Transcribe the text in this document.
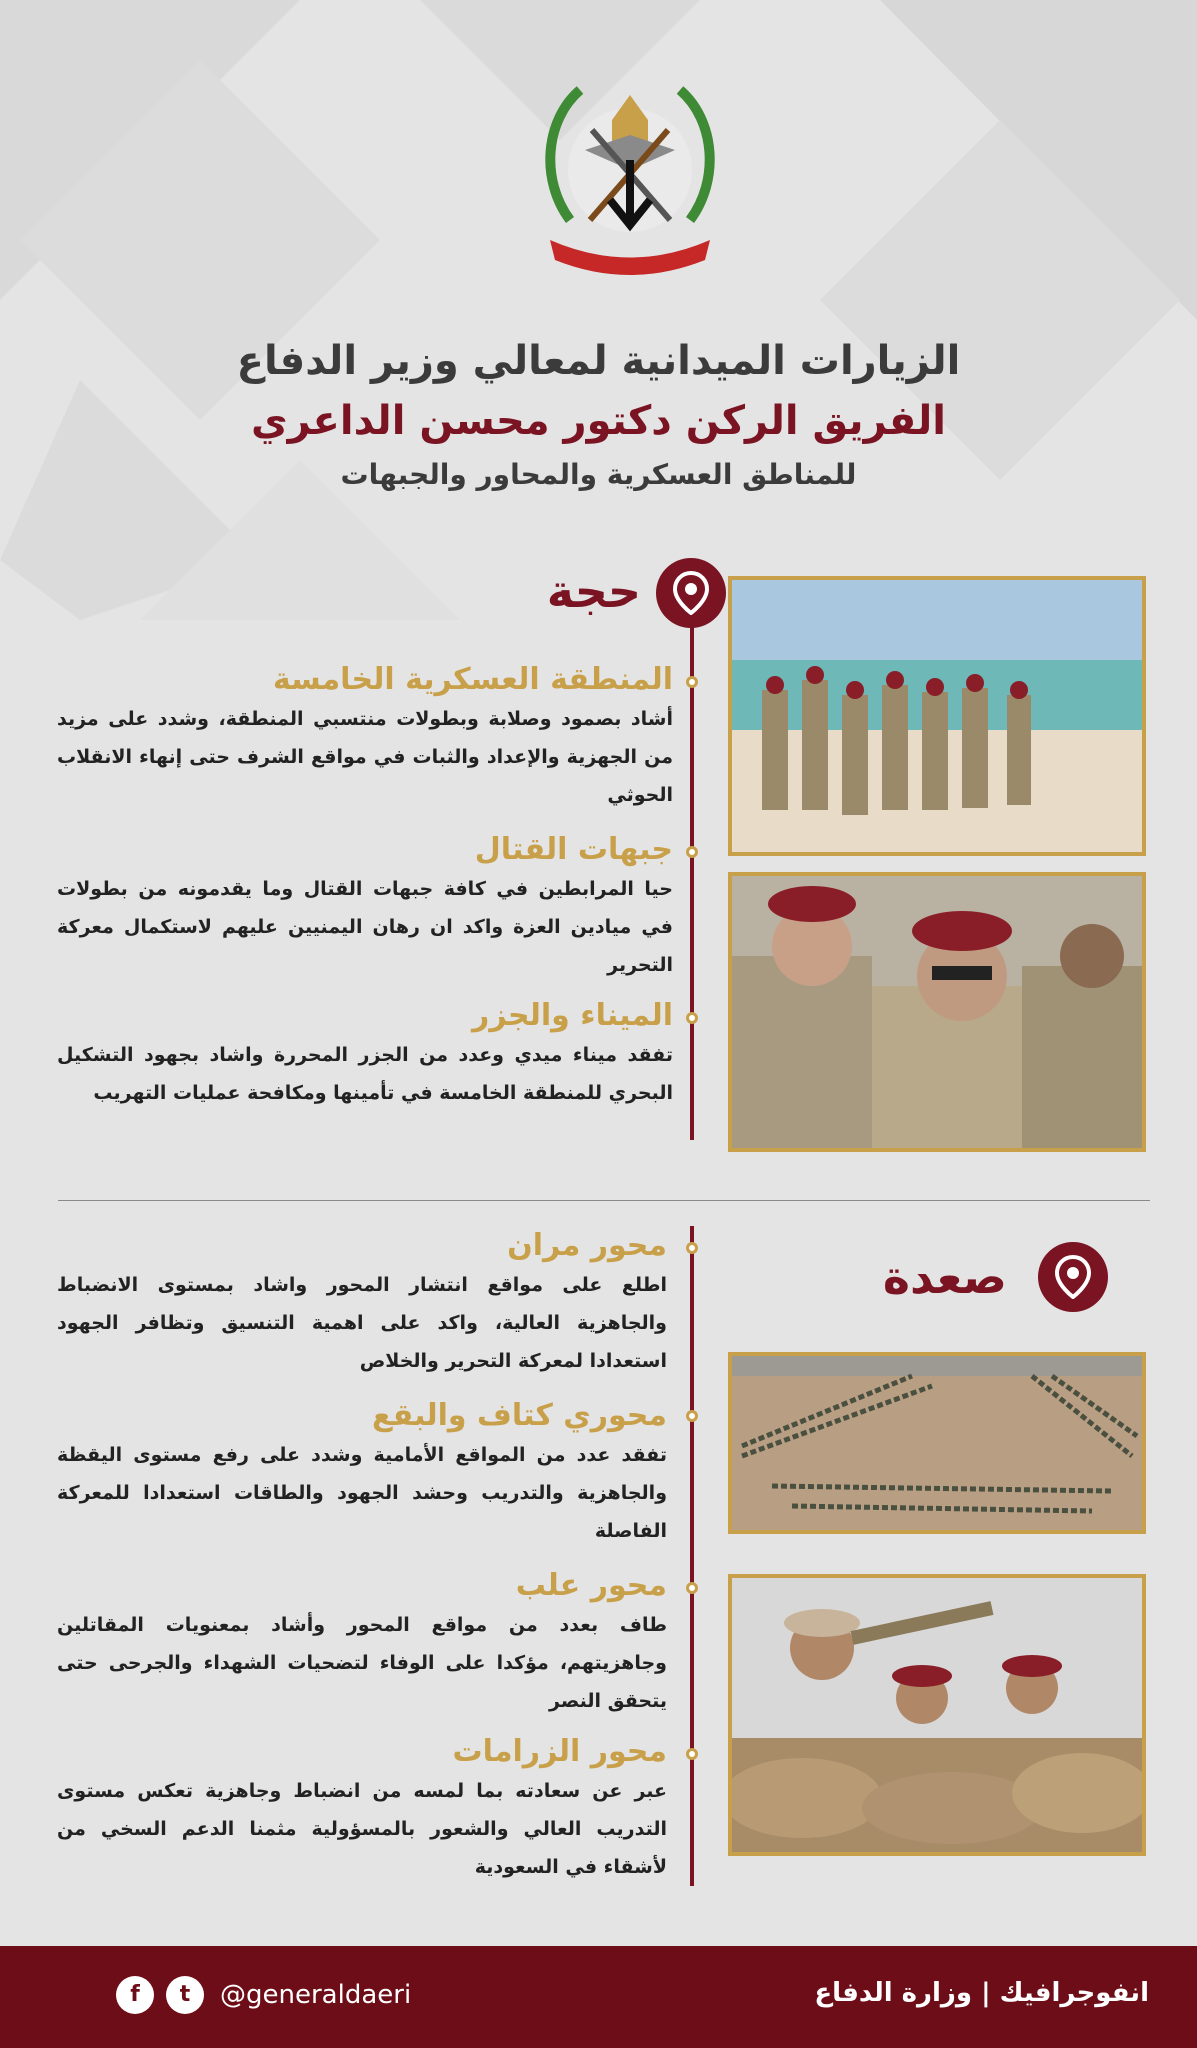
الزيارات الميدانية لمعالي وزير الدفاع
الفريق الركن دكتور محسن الداعري
للمناطق العسكرية والمحاور والجبهات
حجة
المنطقة العسكرية الخامسة
أشاد بصمود وصلابة وبطولات منتسبي المنطقة، وشدد على مزيد من الجهزية والإعداد والثبات في مواقع الشرف حتى إنهاء الانقلاب الحوثي
جبهات القتال
حيا المرابطين في كافة جبهات القتال وما يقدمونه من بطولات في ميادين العزة واكد ان رهان اليمنيين عليهم لاستكمال معركة التحرير
الميناء والجزر
تفقد ميناء ميدي وعدد من الجزر المحررة واشاد بجهود التشكيل البحري للمنطقة الخامسة في تأمينها ومكافحة عمليات التهريب
صعدة
محور مران
اطلع على مواقع انتشار المحور واشاد بمستوى الانضباط والجاهزية العالية، واكد على اهمية التنسيق وتظافر الجهود استعدادا لمعركة التحرير والخلاص
محوري كتاف والبقع
تفقد عدد من المواقع الأمامية وشدد على رفع مستوى اليقظة والجاهزية والتدريب وحشد الجهود والطاقات استعدادا للمعركة الفاصلة
محور علب
طاف بعدد من مواقع المحور وأشاد بمعنويات المقاتلين وجاهزيتهم، مؤكدا على الوفاء لتضحيات الشهداء والجرحى حتى يتحقق النصر
محور الزرامات
عبر عن سعادته بما لمسه من انضباط وجاهزية تعكس مستوى التدريب العالي والشعور بالمسؤولية مثمنا الدعم السخي من لأشقاء في السعودية
انفوجرافيك | وزارة الدفاع
@generaldaeri
t
f
